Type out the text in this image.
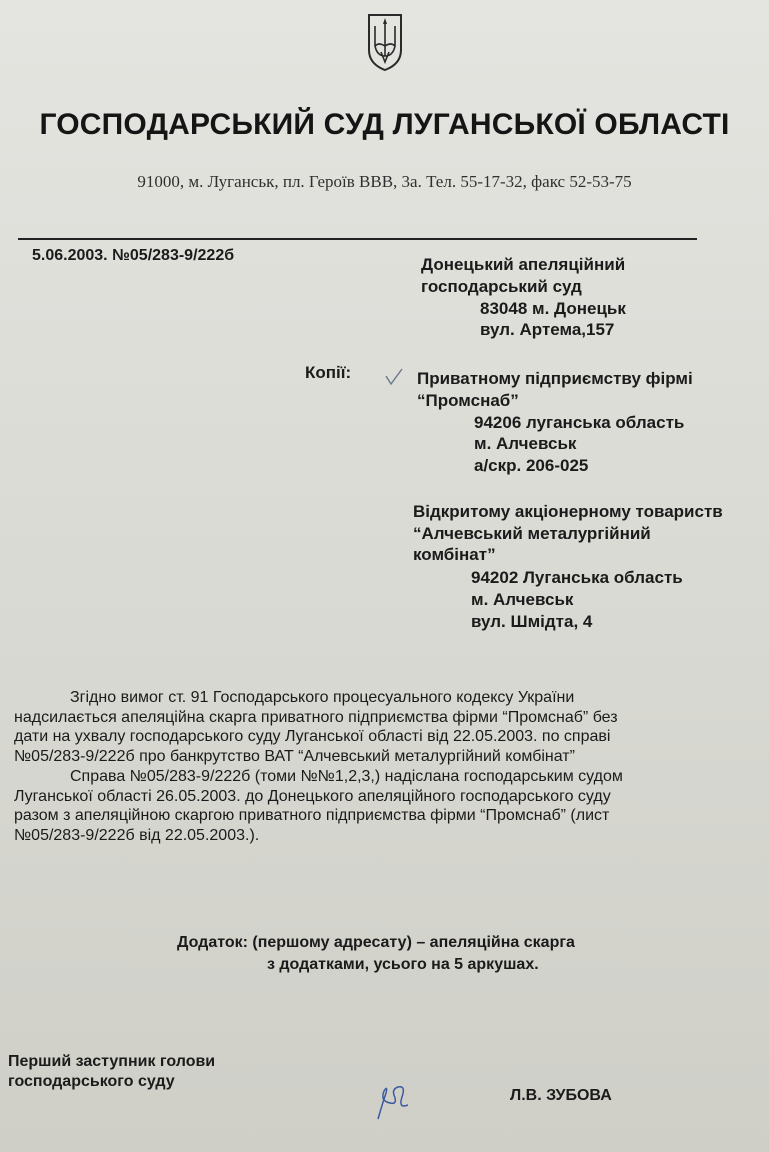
ГОСПОДАРСЬКИЙ СУД ЛУГАНСЬКОЇ ОБЛАСТІ
91000, м. Луганськ, пл. Героїв ВВВ, 3а. Тел. 55-17-32, факс 52-53-75
5.06.2003. №05/283-9/222б	Донецький апеляційний
господарський суд
83048 м. Донецьк
вул. Артема,157
Копії:	Приватному підприємству фірмі
“Промснаб”
94206 луганська область
м. Алчевськ
а/скр. 206-025
Відкритому акціонерному товариств
“Алчевський металургійний
комбінат”
94202 Луганська область
м. Алчевськ
вул. Шмідта, 4
Згідно вимог ст. 91 Господарського процесуального кодексу України
надсилається апеляційна скарга приватного підприємства фірми “Промснаб” без
дати на ухвалу господарського суду Луганської області від 22.05.2003. по справі
№05/283-9/222б про банкрутство ВАТ “Алчевський металургійний комбінат”
Справа №05/283-9/222б (томи №№1,2,3,) надіслана господарським судом
Луганської області 26.05.2003. до Донецького апеляційного господарського суду
разом з апеляційною скаргою приватного підприємства фірми “Промснаб” (лист
№05/283-9/222б від 22.05.2003.).
Додаток: (першому адресату) – апеляційна скарга
з додатками, усього на 5 аркушах.
Перший заступник голови
господарського суду
Л.В. ЗУБОВА
